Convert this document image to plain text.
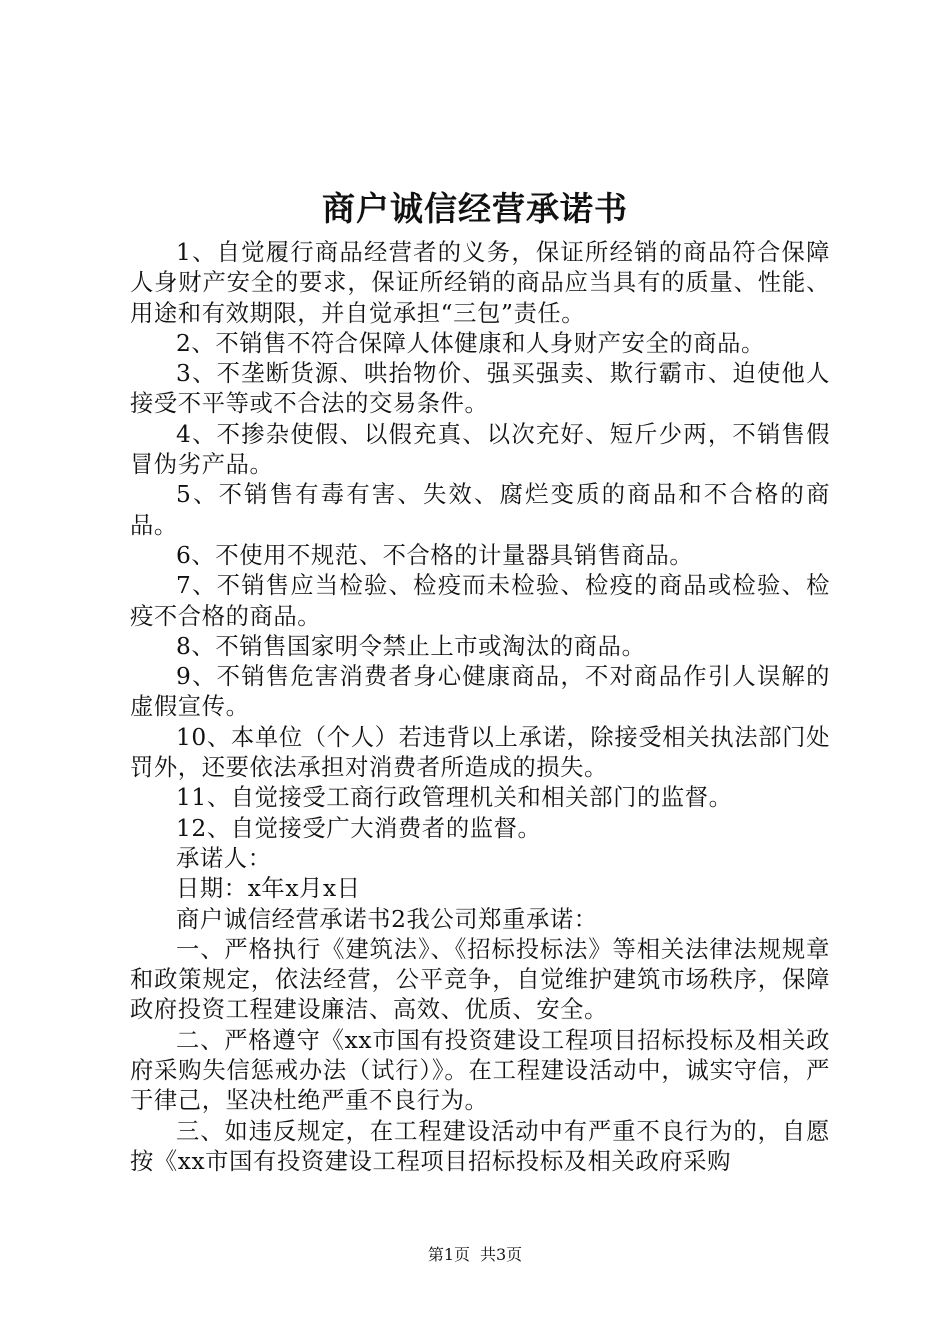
商户诚信经营承诺书

1、自觉履行商品经营者的义务，保证所经销的商品符合保障人身财产安全的要求，保证所经销的商品应当具有的质量、性能、用途和有效期限，并自觉承担“三包”责任。

2、不销售不符合保障人体健康和人身财产安全的商品。

3、不垄断货源、哄抬物价、强买强卖、欺行霸市、迫使他人接受不平等或不合法的交易条件。

4、不掺杂使假、以假充真、以次充好、短斤少两，不销售假冒伪劣产品。

5、不销售有毒有害、失效、腐烂变质的商品和不合格的商品。

6、不使用不规范、不合格的计量器具销售商品。

7、不销售应当检验、检疫而未检验、检疫的商品或检验、检疫不合格的商品。

8、不销售国家明令禁止上市或淘汰的商品。

9、不销售危害消费者身心健康商品，不对商品作引人误解的虚假宣传。

10、本单位（个人）若违背以上承诺，除接受相关执法部门处罚外，还要依法承担对消费者所造成的损失。

11、自觉接受工商行政管理机关和相关部门的监督。

12、自觉接受广大消费者的监督。

承诺人：

日期：x年x月x日

商户诚信经营承诺书2我公司郑重承诺：

一、严格执行《建筑法》、《招标投标法》等相关法律法规规章和政策规定，依法经营，公平竞争，自觉维护建筑市场秩序，保障政府投资工程建设廉洁、高效、优质、安全。

二、严格遵守《xx市国有投资建设工程项目招标投标及相关政府采购失信惩戒办法（试行）》。在工程建设活动中，诚实守信，严于律己，坚决杜绝严重不良行为。

三、如违反规定，在工程建设活动中有严重不良行为的，自愿按《xx市国有投资建设工程项目招标投标及相关政府采购

第1页 共3页
